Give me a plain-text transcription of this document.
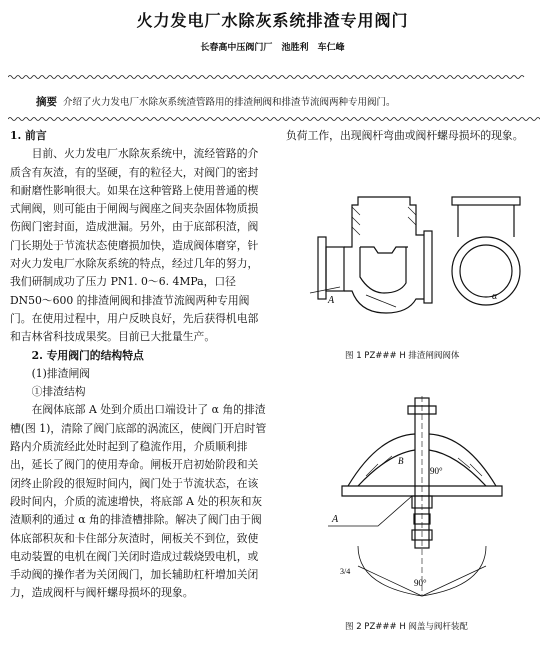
火力发电厂水除灰系统排渣专用阀门
长春高中压阀门厂 池胜利 车仁峰
摘要 介绍了火力发电厂水除灰系统渣管路用的排渣闸阀和排渣节流阀两种专用阀门。

1. 前言

目前、火力发电厂水除灰系统中，流经管路的介质含有灰渣，有的坚硬，有的粒径大，对阀门的密封和耐磨性影响很大。如果在这种管路上使用普通的楔式闸阀，则可能由于闸阀与阀座之间夹杂固体物质损伤阀门密封面，造成泄漏。另外，由于底部积渣，阀门长期处于节流状态使磨损加快，造成阀体磨穿，针对火力发电厂水除灰系统的特点，经过几年的努力，我们研制成功了压力 PN1. 0～6. 4MPa，口径 DN50～600 的排渣闸阀和排渣节流阀两种专用阀门。在使用过程中，用户反映良好，先后获得机电部和吉林省科技成果奖。目前已大批量生产。

2. 专用阀门的结构特点

(1)排渣闸阀

①排渣结构

在阀体底部 A 处到介质出口端设计了 α 角的排渣槽(图 1)，清除了阀门底部的涡流区，使阀门开启时管路内介质流经此处时起到了稳流作用，介质顺利排出，延长了阀门的使用寿命。闸板开启初始阶段和关闭终止阶段的很短时间内，阀门处于节流状态，在该段时间内，介质的流速增快，将底部 A 处的积灰和灰渣顺利的通过 α 角的排渣槽排除。解决了阀门由于阀体底部积灰和卡住部分灰渣时，闸板关不到位，致使电动装置的电机在阀门关闭时造成过载烧毁电机，或手动阀的操作者为关闭阀门，加长辅助杠杆增加关闭力，造成阀杆与阀杆螺母损坏的现象。

负荷工作，出现阀杆弯曲或阀杆螺母损坏的现象。

A	α
图 1 PZ### H 排渣闸阀阀体
A
B
90°
90°
3/4
图 2 PZ### H 阀盖与阀杆装配
